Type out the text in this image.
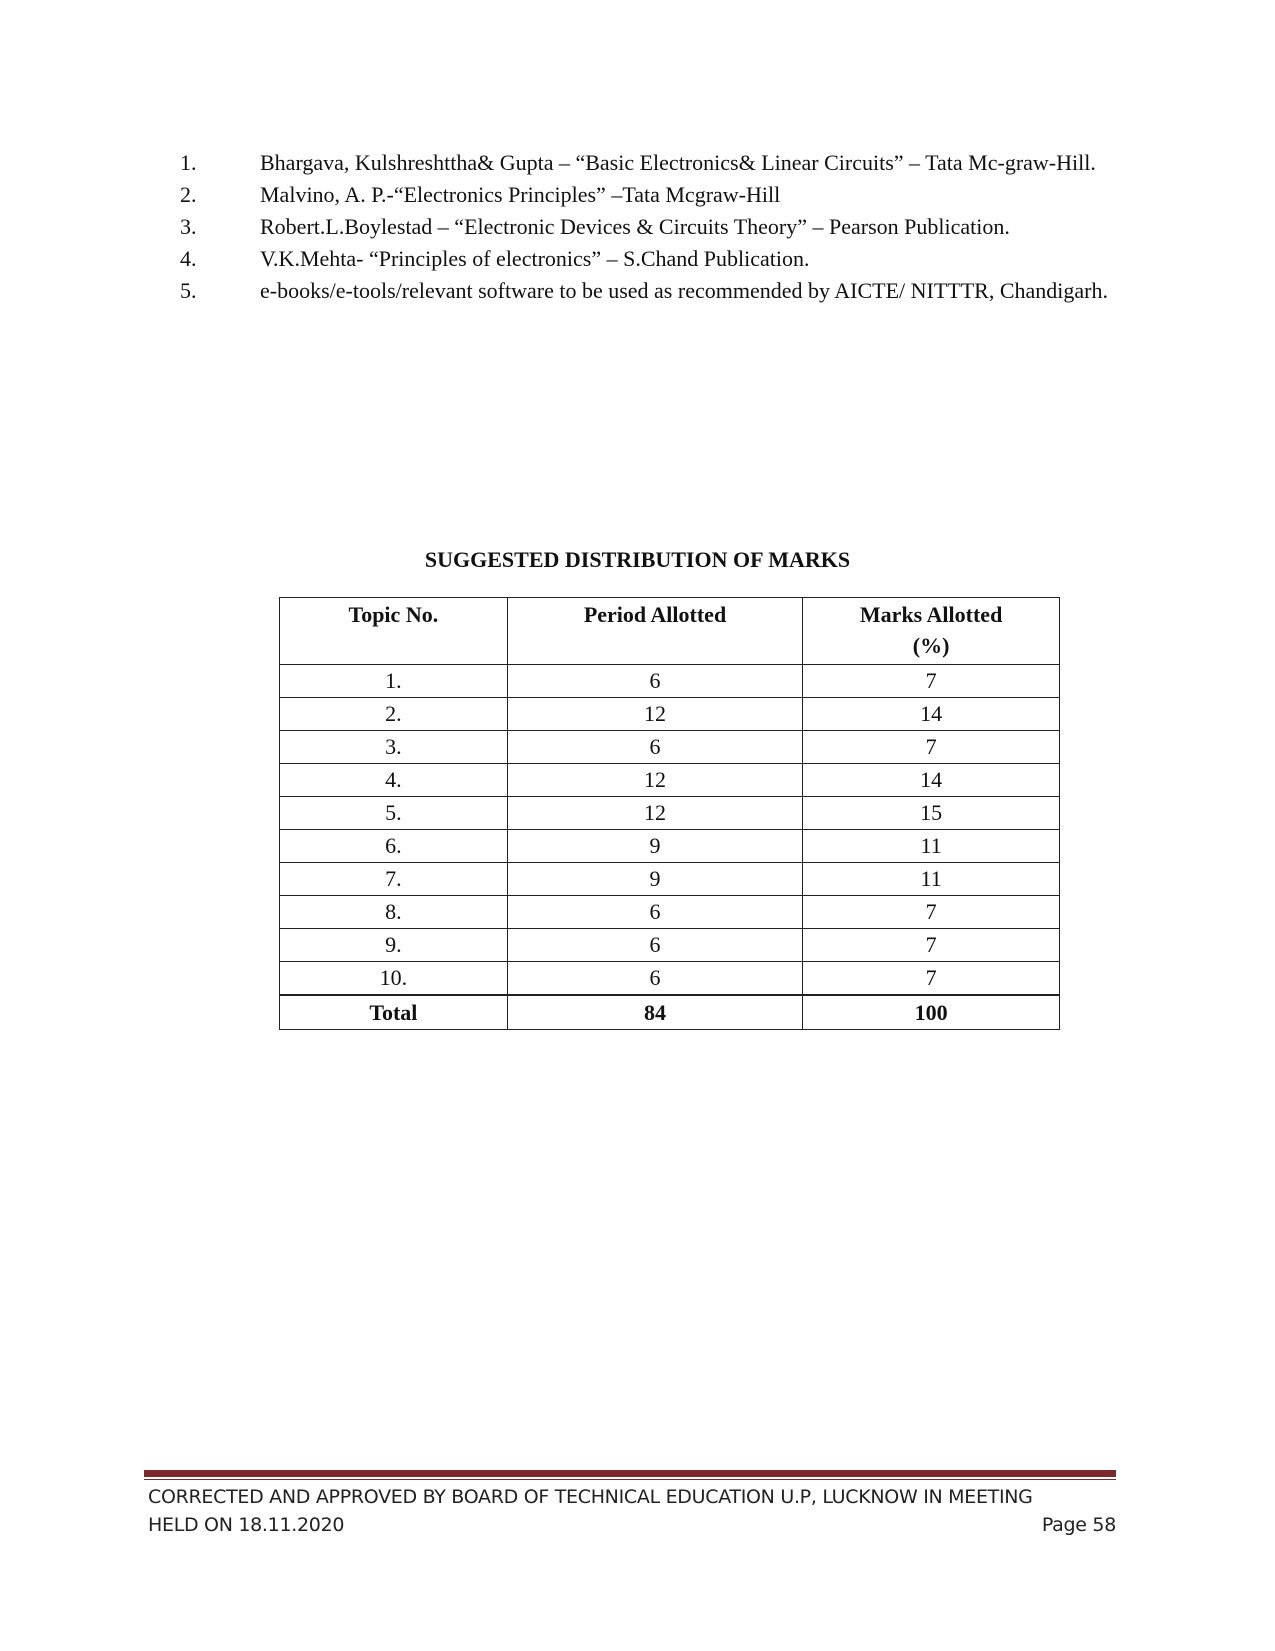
1.	Bhargava, Kulshreshttha& Gupta – “Basic Electronics& Linear Circuits” – Tata Mc-graw-Hill.
2.	Malvino, A. P.-“Electronics Principles” –Tata Mcgraw-Hill
3.	Robert.L.Boylestad – “Electronic Devices & Circuits Theory” – Pearson Publication.
4.	V.K.Mehta- “Principles of electronics” – S.Chand Publication.
5.	e-books/e-tools/relevant software to be used as recommended by AICTE/ NITTTR, Chandigarh.
SUGGESTED DISTRIBUTION OF MARKS
Topic No.	Period Allotted	Marks Allotted
(%)
1.	6	7
2.	12	14
3.	6	7
4.	12	14
5.	12	15
6.	9	11
7.	9	11
8.	6	7
9.	6	7
10.	6	7
Total	84	100
CORRECTED AND APPROVED BY BOARD OF TECHNICAL EDUCATION U.P, LUCKNOW IN MEETING
HELD ON 18.11.2020	Page 58
